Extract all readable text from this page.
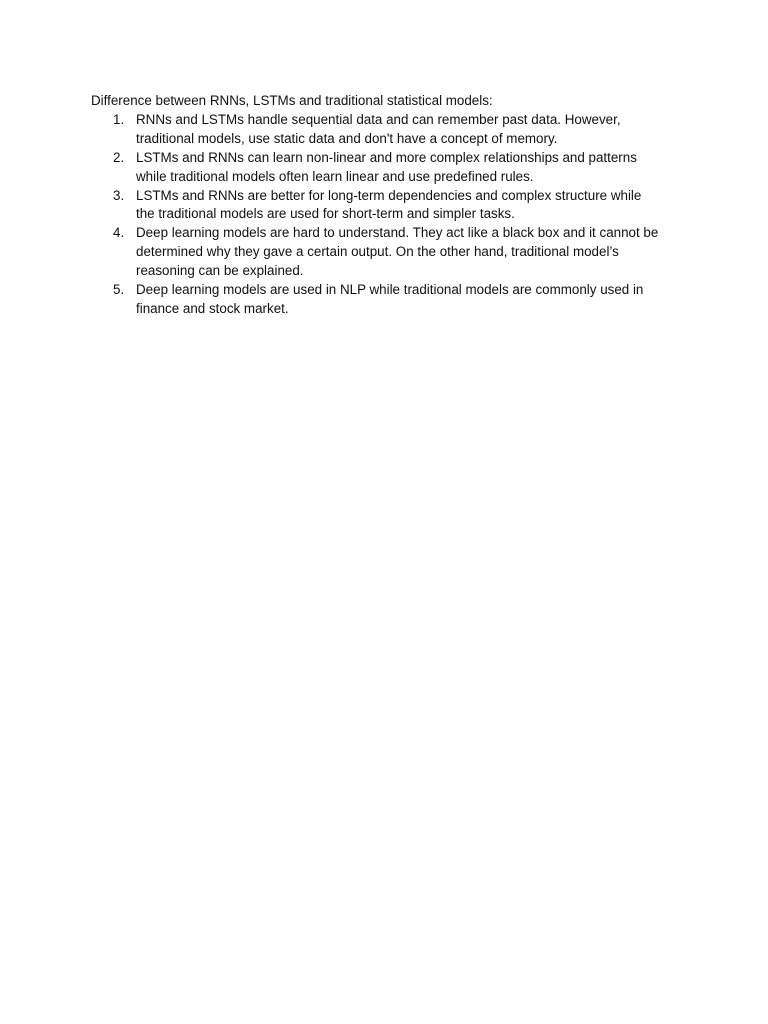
Difference between RNNs, LSTMs and traditional statistical models:

1. RNNs and LSTMs handle sequential data and can remember past data. However,
traditional models, use static data and don't have a concept of memory.
2. LSTMs and RNNs can learn non-linear and more complex relationships and patterns
while traditional models often learn linear and use predefined rules.
3. LSTMs and RNNs are better for long-term dependencies and complex structure while
the traditional models are used for short-term and simpler tasks.
4. Deep learning models are hard to understand. They act like a black box and it cannot be
determined why they gave a certain output. On the other hand, traditional model’s
reasoning can be explained.
5. Deep learning models are used in NLP while traditional models are commonly used in
finance and stock market.
